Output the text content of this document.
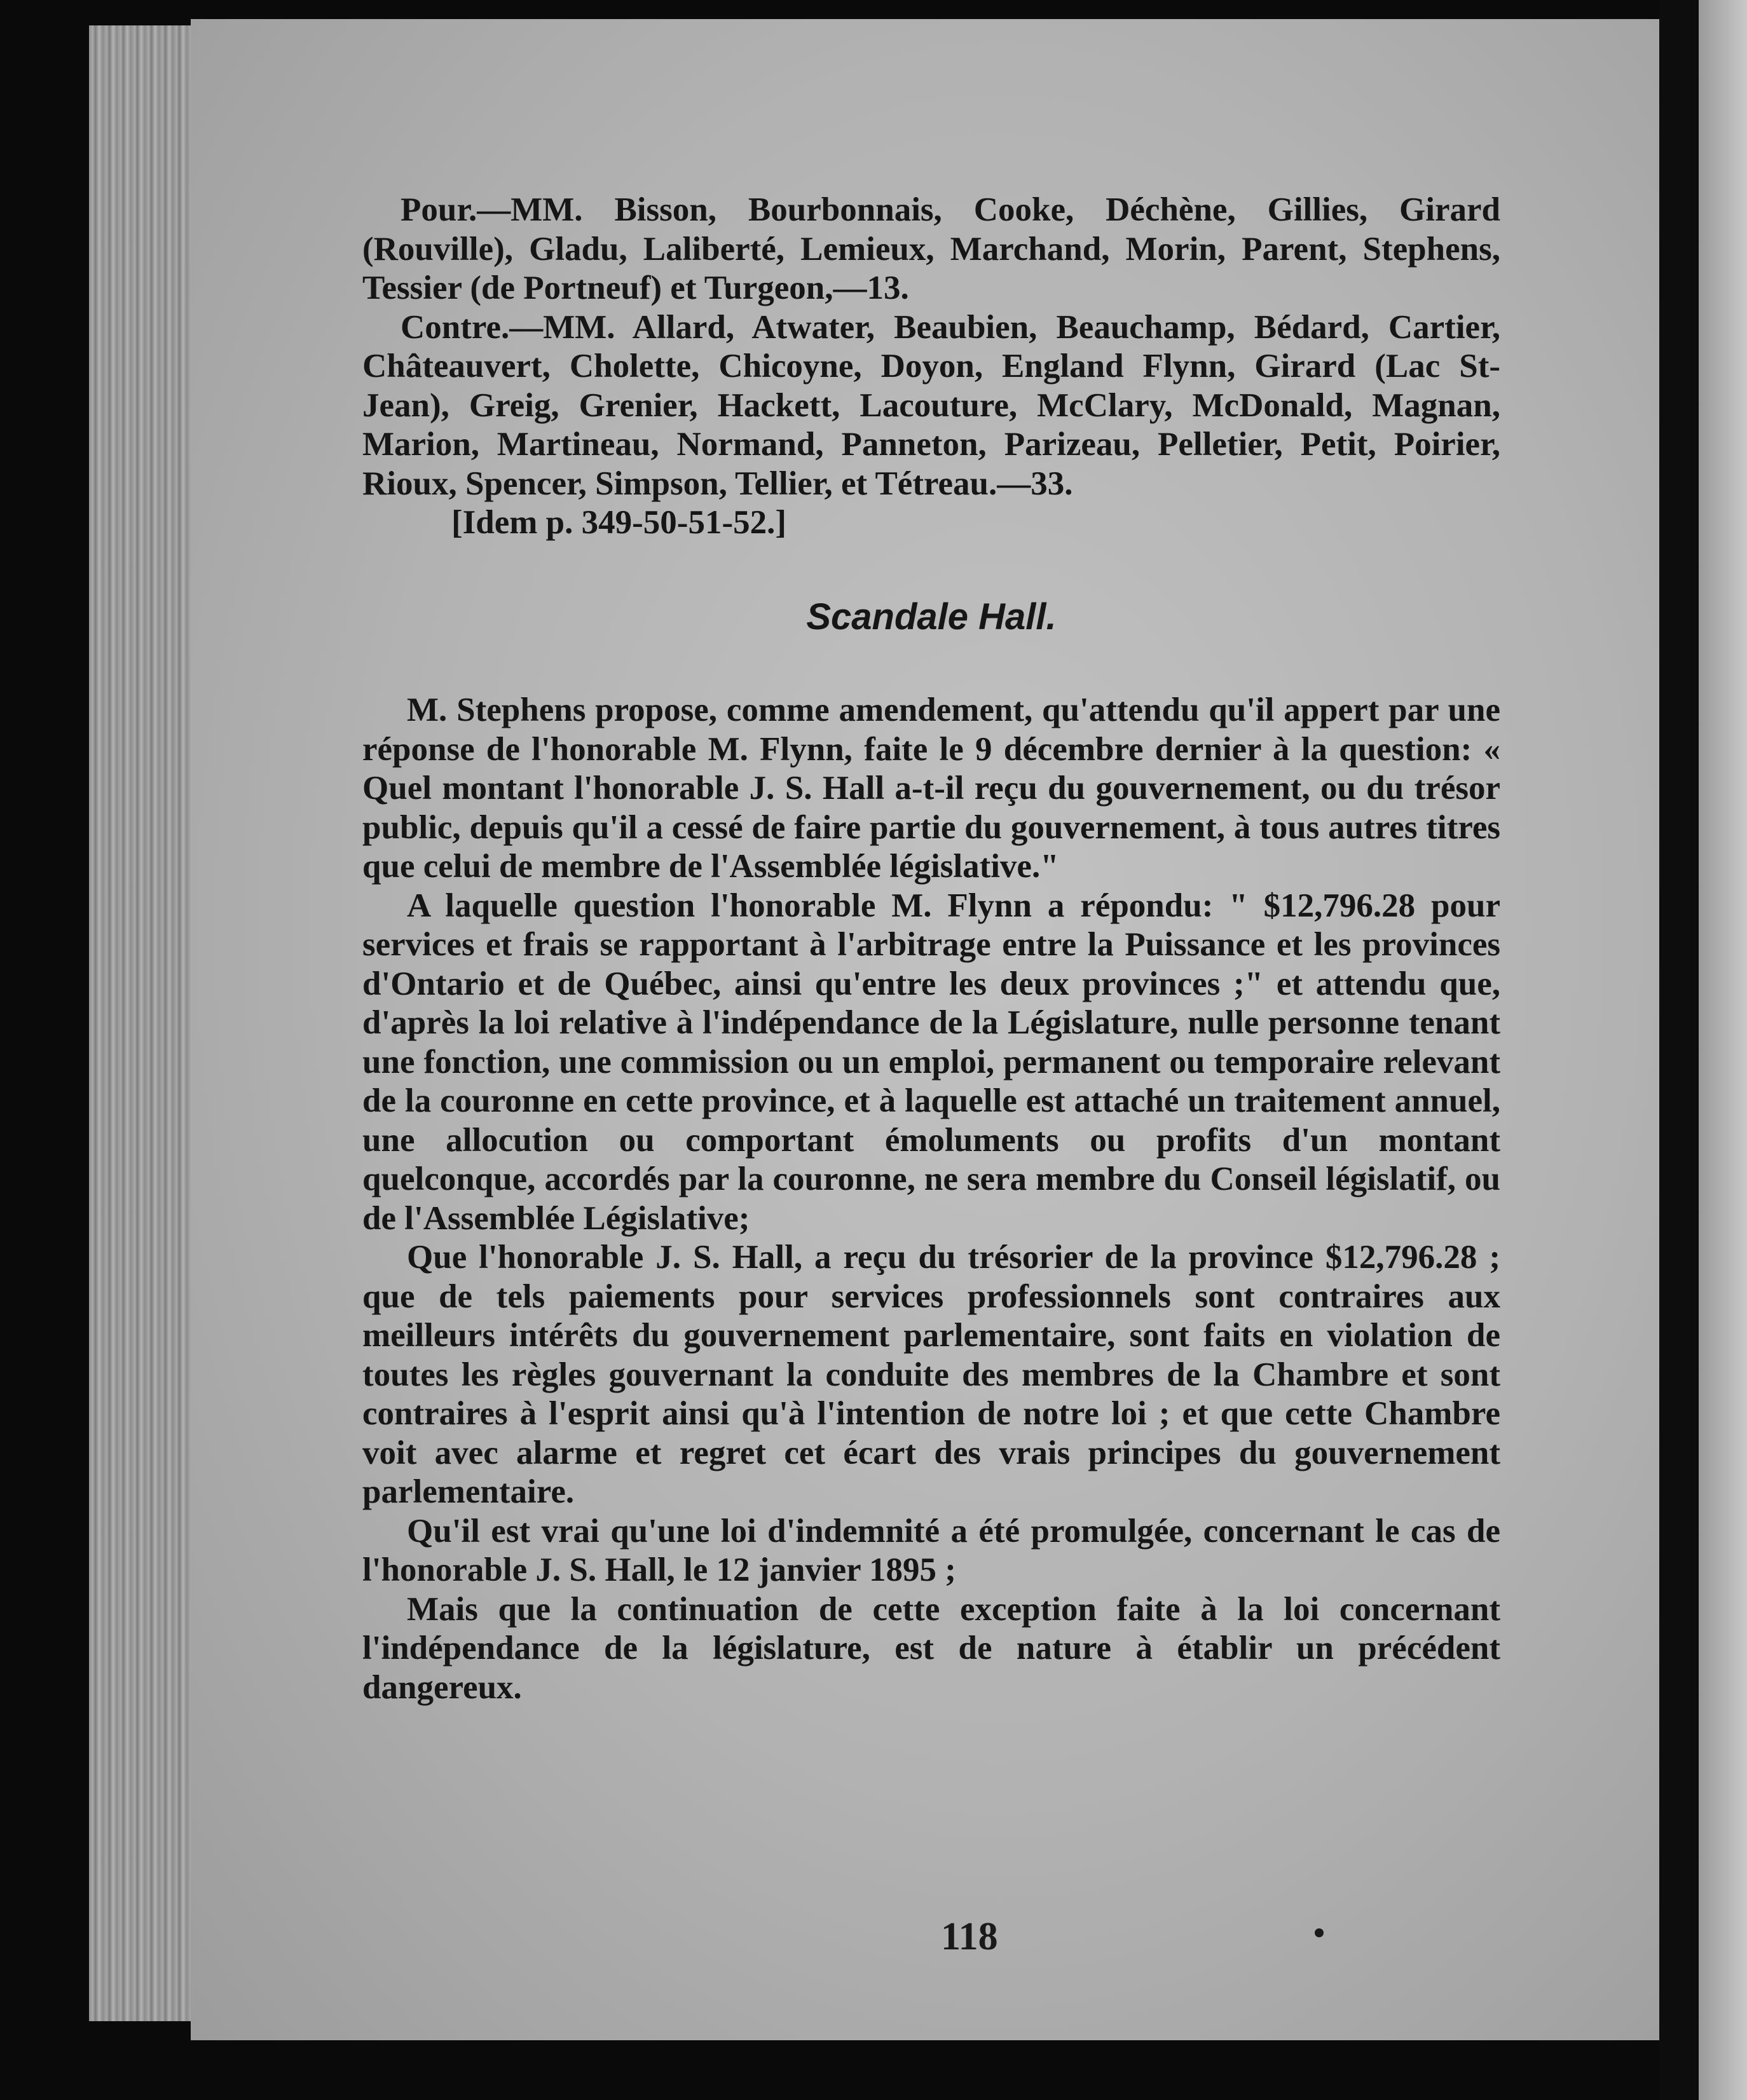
Pour.—MM. Bisson, Bourbonnais, Cooke, Déchène, Gillies, Girard (Rouville), Gladu, Laliberté, Lemieux, Marchand, Morin, Parent, Stephens, Tessier (de Portneuf) et Turgeon,—13.

Contre.—MM. Allard, Atwater, Beaubien, Beauchamp, Bédard, Cartier, Châteauvert, Cholette, Chicoyne, Doyon, England Flynn, Girard (Lac St-Jean), Greig, Grenier, Hackett, Lacouture, McClary, McDonald, Magnan, Marion, Martineau, Normand, Panneton, Parizeau, Pelletier, Petit, Poirier, Rioux, Spencer, Simpson, Tellier, et Tétreau.—33.

[Idem p. 349-50-51-52.]

Scandale Hall.

M. Stephens propose, comme amendement, qu'attendu qu'il appert par une réponse de l'honorable M. Flynn, faite le 9 décembre dernier à la question: « Quel montant l'honorable J. S. Hall a-t-il reçu du gouvernement, ou du trésor public, depuis qu'il a cessé de faire partie du gouvernement, à tous autres titres que celui de membre de l'Assemblée législative."

A laquelle question l'honorable M. Flynn a répondu: " $12,796.28 pour services et frais se rapportant à l'arbitrage entre la Puissance et les provinces d'Ontario et de Québec, ainsi qu'entre les deux provinces ;" et attendu que, d'après la loi relative à l'indépendance de la Législature, nulle personne tenant une fonction, une commission ou un emploi, permanent ou temporaire relevant de la couronne en cette province, et à laquelle est attaché un traitement annuel, une allocution ou comportant émoluments ou profits d'un montant quelconque, accordés par la couronne, ne sera membre du Conseil législatif, ou de l'Assemblée Législative;

Que l'honorable J. S. Hall, a reçu du trésorier de la province $12,796.28 ; que de tels paiements pour services professionnels sont contraires aux meilleurs intérêts du gouvernement parlementaire, sont faits en violation de toutes les règles gouvernant la conduite des membres de la Chambre et sont contraires à l'esprit ainsi qu'à l'intention de notre loi ; et que cette Chambre voit avec alarme et regret cet écart des vrais principes du gouvernement parlementaire.

Qu'il est vrai qu'une loi d'indemnité a été promulgée, concernant le cas de l'honorable J. S. Hall, le 12 janvier 1895 ;

Mais que la continuation de cette exception faite à la loi concernant l'indépendance de la législature, est de nature à établir un précédent dangereux.

118
